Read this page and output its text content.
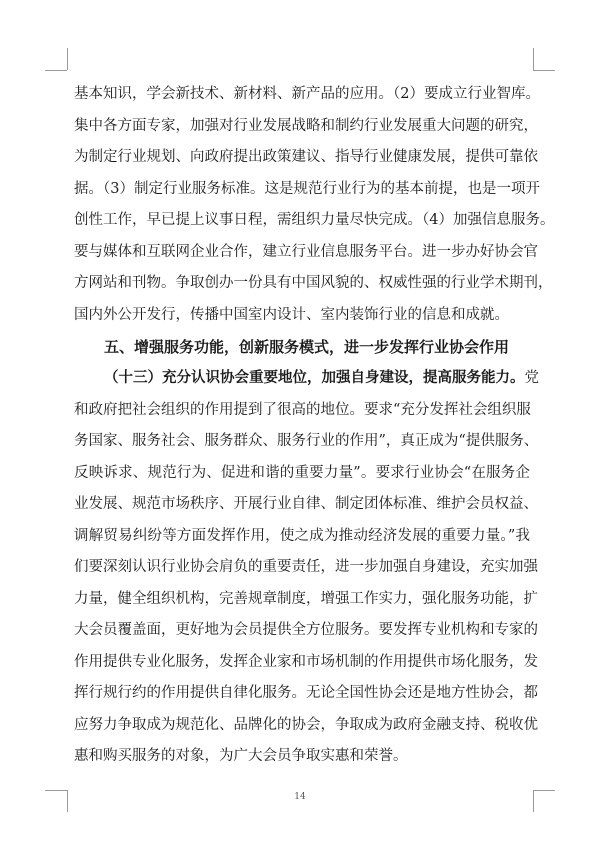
基本知识，学会新技术、新材料、新产品的应用。（2）要成立行业智库。
集中各方面专家，加强对行业发展战略和制约行业发展重大问题的研究，
为制定行业规划、向政府提出政策建议、指导行业健康发展，提供可靠依
据。（3）制定行业服务标准。这是规范行业行为的基本前提，也是一项开
创性工作，早已提上议事日程，需组织力量尽快完成。（4）加强信息服务。
要与媒体和互联网企业合作，建立行业信息服务平台。进一步办好协会官
方网站和刊物。争取创办一份具有中国风貌的、权威性强的行业学术期刊，
国内外公开发行，传播中国室内设计、室内装饰行业的信息和成就。
五、增强服务功能，创新服务模式，进一步发挥行业协会作用
（十三）充分认识协会重要地位，加强自身建设，提高服务能力。党
和政府把社会组织的作用提到了很高的地位。要求“充分发挥社会组织服
务国家、服务社会、服务群众、服务行业的作用”，真正成为“提供服务、
反映诉求、规范行为、促进和谐的重要力量”。要求行业协会“在服务企
业发展、规范市场秩序、开展行业自律、制定团体标准、维护会员权益、
调解贸易纠纷等方面发挥作用，使之成为推动经济发展的重要力量。”我
们要深刻认识行业协会肩负的重要责任，进一步加强自身建设，充实加强
力量，健全组织机构，完善规章制度，增强工作实力，强化服务功能，扩
大会员覆盖面，更好地为会员提供全方位服务。要发挥专业机构和专家的
作用提供专业化服务，发挥企业家和市场机制的作用提供市场化服务，发
挥行规行约的作用提供自律化服务。无论全国性协会还是地方性协会，都
应努力争取成为规范化、品牌化的协会，争取成为政府金融支持、税收优
惠和购买服务的对象，为广大会员争取实惠和荣誉。
14
